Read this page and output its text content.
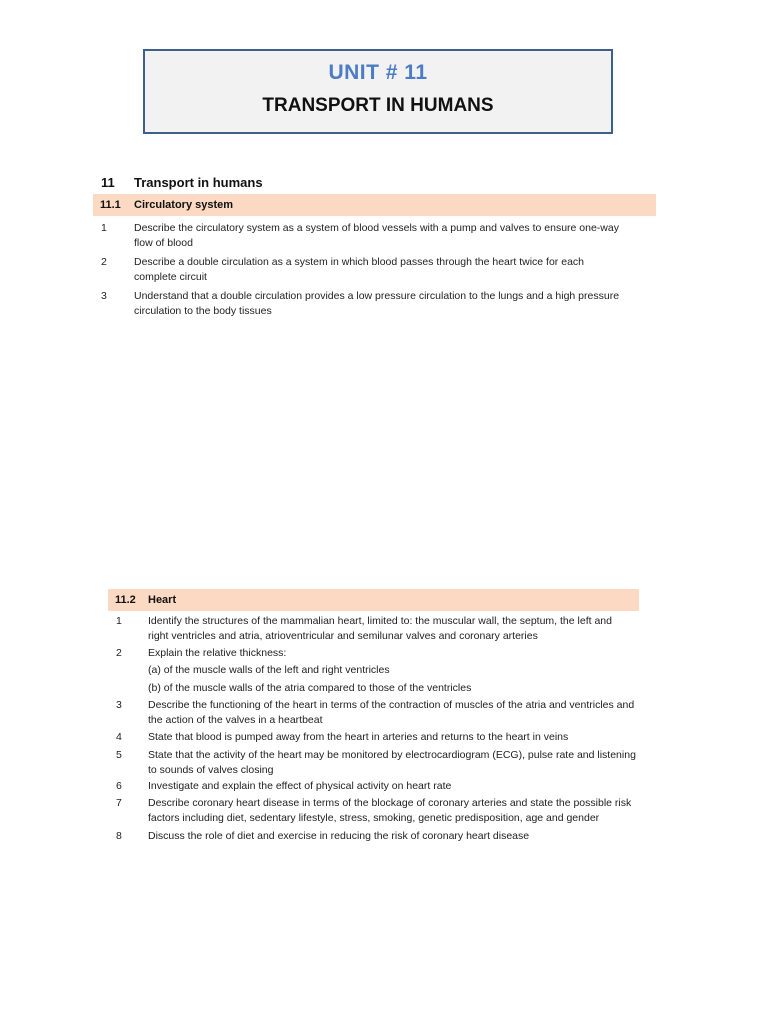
UNIT # 11
TRANSPORT IN HUMANS
11 Transport in humans
11.1 Circulatory system
1	Describe the circulatory system as a system of blood vessels with a pump and valves to ensure one-way
flow of blood
2	Describe a double circulation as a system in which blood passes through the heart twice for each
complete circuit
3	Understand that a double circulation provides a low pressure circulation to the lungs and a high pressure
circulation to the body tissues
11.2 Heart
1 Identify the structures of the mammalian heart, limited to: the muscular wall, the septum, the left and
right ventricles and atria, atrioventricular and semilunar valves and coronary arteries
2 Explain the relative thickness:
(a) of the muscle walls of the left and right ventricles
(b) of the muscle walls of the atria compared to those of the ventricles
3 Describe the functioning of the heart in terms of the contraction of muscles of the atria and ventricles and
the action of the valves in a heartbeat
4 State that blood is pumped away from the heart in arteries and returns to the heart in veins
5 State that the activity of the heart may be monitored by electrocardiogram (ECG), pulse rate and listening
to sounds of valves closing
6 Investigate and explain the effect of physical activity on heart rate
7 Describe coronary heart disease in terms of the blockage of coronary arteries and state the possible risk
factors including diet, sedentary lifestyle, stress, smoking, genetic predisposition, age and gender
8 Discuss the role of diet and exercise in reducing the risk of coronary heart disease
